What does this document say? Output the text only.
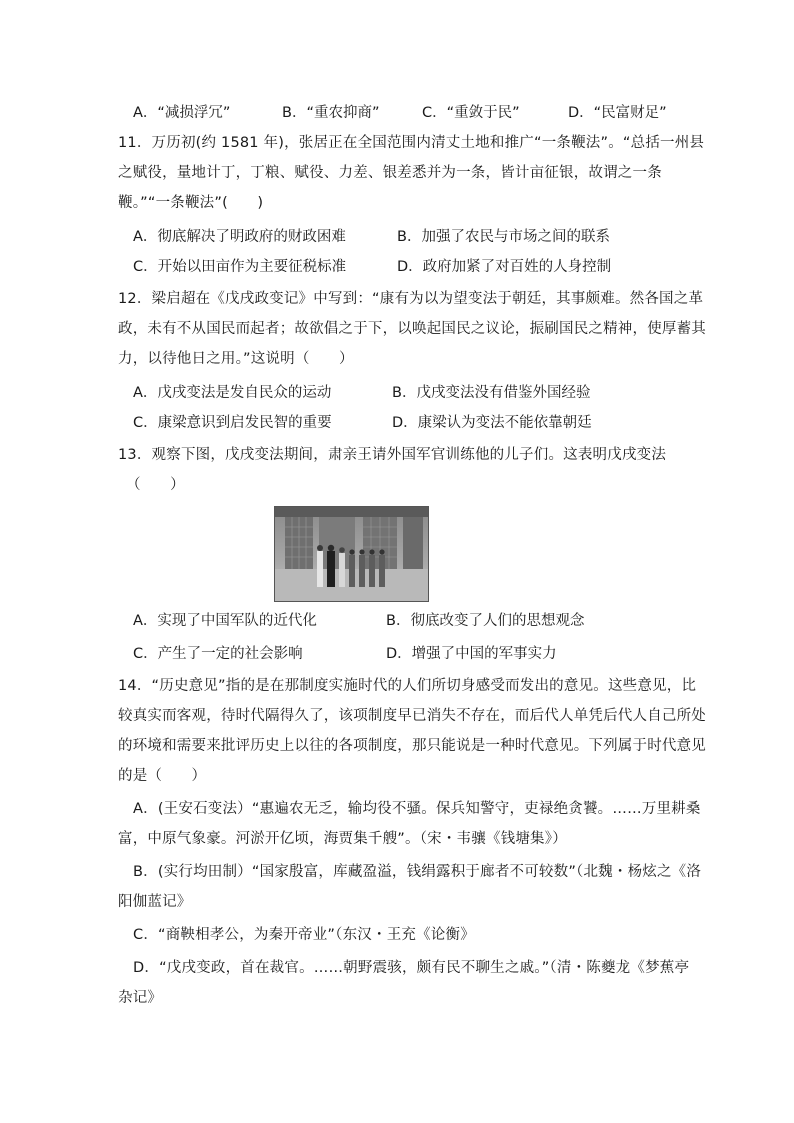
A．“减损浮冗”	B．“重农抑商”	C．“重敛于民”	D．“民富财足”
11．万历初(约 1581 年)，张居正在全国范围内清丈土地和推广“一条鞭法”。“总括一州县
之赋役，量地计丁，丁粮、赋役、力差、银差悉并为一条，皆计亩征银，故谓之一条
鞭。”“一条鞭法”(　　)
A．彻底解决了明政府的财政困难	B．加强了农民与市场之间的联系
C．开始以田亩作为主要征税标准	D．政府加紧了对百姓的人身控制
12．梁启超在《戊戌政变记》中写到：“康有为以为望变法于朝廷，其事颇难。然各国之革
政，未有不从国民而起者；故欲倡之于下，以唤起国民之议论，振刷国民之精神，使厚蓄其
力，以待他日之用。”这说明（　　）
A．戊戌变法是发自民众的运动	B．戊戌变法没有借鉴外国经验
C．康梁意识到启发民智的重要	D．康梁认为变法不能依靠朝廷
13．观察下图，戊戌变法期间，肃亲王请外国军官训练他的儿子们。这表明戊戌变法
（　　）
A．实现了中国军队的近代化	B．彻底改变了人们的思想观念
C．产生了一定的社会影响	D．增强了中国的军事实力
14．“历史意见”指的是在那制度实施时代的人们所切身感受而发出的意见。这些意见，比
较真实而客观，待时代隔得久了，该项制度早已消失不存在，而后代人单凭后代人自己所处
的环境和需要来批评历史上以往的各项制度，那只能说是一种时代意见。下列属于时代意见
的是（　　）
A．(王安石变法）“惠遍农无乏，输均役不骚。保兵知警守，吏禄绝贪饕。……万里耕桑
富，中原气象豪。河淤开亿顷，海贾集千艘”。（宋・韦骧《钱塘集》）
B．(实行均田制）“国家殷富，库藏盈溢，钱绢露积于廊者不可较数”（北魏・杨炫之《洛
阳伽蓝记》
C．“商鞅相孝公，为秦开帝业”（东汉・王充《论衡》
D．“戊戌变政，首在裁官。……朝野震骇，颇有民不聊生之戚。”（清・陈夔龙《梦蕉亭
杂记》
